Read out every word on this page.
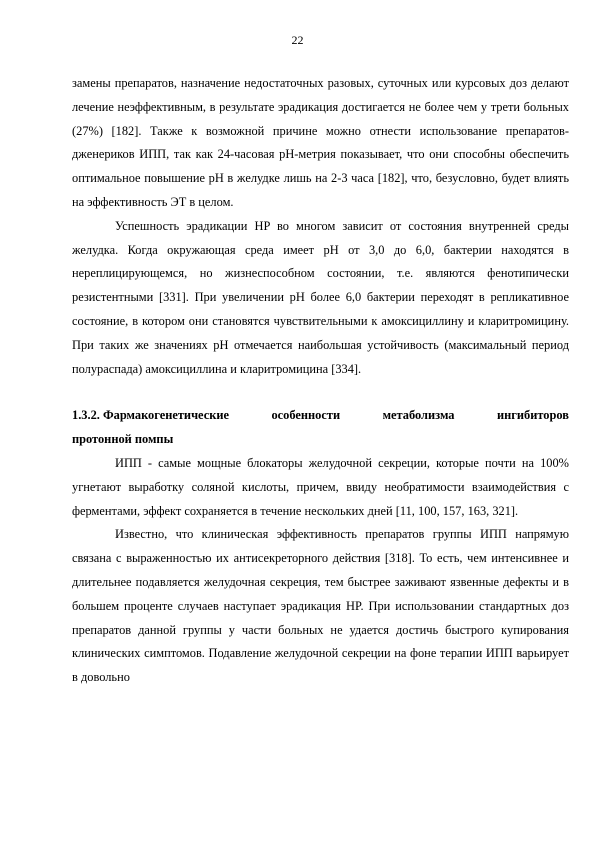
22

замены препаратов, назначение недостаточных разовых, суточных или курсовых доз делают лечение неэффективным, в результате эрадикация достигается не более чем у трети больных (27%) [182]. Также к возможной причине можно отнести использование препаратов-дженериков ИПП, так как 24-часовая рН-метрия показывает, что они способны обеспечить оптимальное повышение рН в желудке лишь на 2-3 часа [182], что, безусловно, будет влиять на эффективность ЭТ в целом.

Успешность эрадикации HP во многом зависит от состояния внутренней среды желудка. Когда окружающая среда имеет рН от 3,0 до 6,0, бактерии находятся в нереплицирующемся, но жизнеспособном состоянии, т.е. являются фенотипически резистентными [331]. При увеличении рН более 6,0 бактерии переходят в репликативное состояние, в котором они становятся чувствительными к амоксициллину и кларитромицину. При таких же значениях рН отмечается наибольшая устойчивость (максимальный период полураспада) амоксициллина и кларитромицина [334].

1.3.2. Фармакогенетические	особенности	метаболизма	ингибиторов
протонной помпы

ИПП - самые мощные блокаторы желудочной секреции, которые почти на 100% угнетают выработку соляной кислоты, причем, ввиду необратимости взаимодействия с ферментами, эффект сохраняется в течение нескольких дней [11, 100, 157, 163, 321].

Известно, что клиническая эффективность препаратов группы ИПП напрямую связана с выраженностью их антисекреторного действия [318]. То есть, чем интенсивнее и длительнее подавляется желудочная секреция, тем быстрее заживают язвенные дефекты и в большем проценте случаев наступает эрадикация HP. При использовании стандартных доз препаратов данной группы у части больных не удается достичь быстрого купирования клинических симптомов. Подавление желудочной секреции на фоне терапии ИПП варьирует в довольно
